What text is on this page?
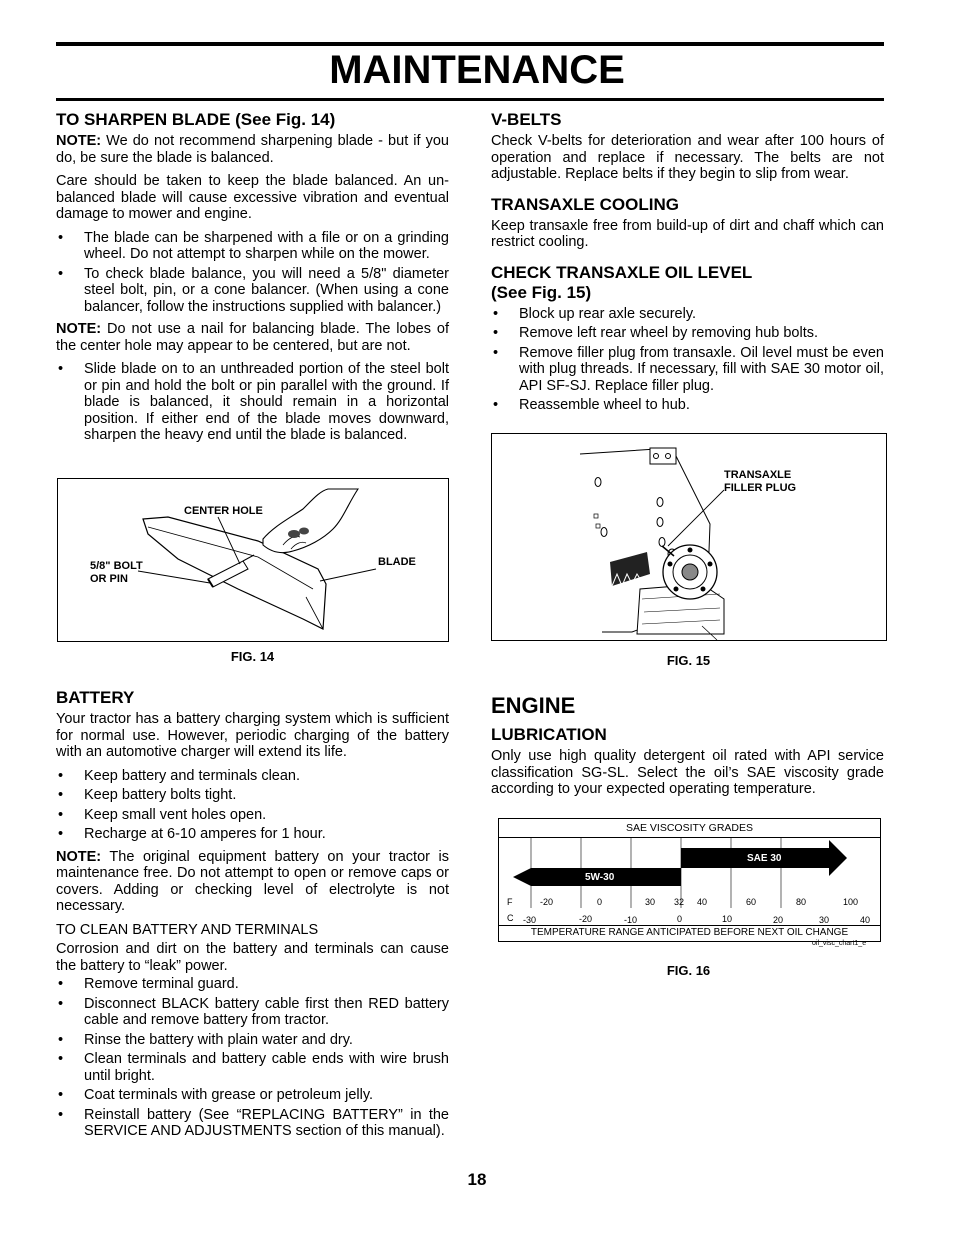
MAINTENANCE
TO SHARPEN BLADE (See Fig. 14)

NOTE: We do not recommend sharpening blade - but if you do, be sure the blade is balanced.

Care should be taken to keep the blade balanced. An un-balanced blade will cause excessive vibration and eventual damage to mower and engine.

• The blade can be sharpened with a file or on a grinding wheel. Do not attempt to sharpen while on the mower.
• To check blade balance, you will need a 5/8" diameter steel bolt, pin, or a cone balancer. (When using a cone balancer, follow the instructions supplied with balancer.)

NOTE: Do not use a nail for balancing blade. The lobes of the center hole may appear to be centered, but are not.

• Slide blade on to an unthreaded portion of the steel bolt or pin and hold the bolt or pin parallel with the ground. If blade is balanced, it should remain in a horizontal position. If either end of the blade moves downward, sharpen the heavy end until the blade is balanced.
CENTER HOLE
5/8" BOLT
OR PIN
BLADE
FIG. 14
BATTERY

Your tractor has a battery charging system which is sufficient for normal use. However, periodic charging of the battery with an automotive charger will extend its life.

• Keep battery and terminals clean.
• Keep battery bolts tight.
• Keep small vent holes open.
• Recharge at 6-10 amperes for 1 hour.

NOTE: The original equipment battery on your tractor is maintenance free. Do not attempt to open or remove caps or covers. Adding or checking level of electrolyte is not necessary.

TO CLEAN BATTERY AND TERMINALS

Corrosion and dirt on the battery and terminals can cause the battery to “leak” power.

• Remove terminal guard.
• Disconnect BLACK battery cable first then RED battery cable and remove battery from tractor.
• Rinse the battery with plain water and dry.
• Clean terminals and battery cable ends with wire brush until bright.
• Coat terminals with grease or petroleum jelly.
• Reinstall battery (See “REPLACING BATTERY” in the SERVICE AND ADJUSTMENTS section of this manual).
V-BELTS

Check V-belts for deterioration and wear after 100 hours of operation and replace if necessary. The belts are not adjustable. Replace belts if they begin to slip from wear.

TRANSAXLE COOLING

Keep transaxle free from build-up of dirt and chaff which can restrict cooling.

CHECK TRANSAXLE OIL LEVEL
(See Fig. 15)
• Block up rear axle securely.
• Remove left rear wheel by removing hub bolts.
• Remove filler plug from transaxle. Oil level must be even with plug threads. If necessary, fill with SAE 30 motor oil, API SF-SJ. Replace filler plug.
• Reassemble wheel to hub.
TRANSAXLE
FILLER PLUG
FIG. 15
ENGINE
LUBRICATION

Only use high quality detergent oil rated with API service classification SG-SL. Select the oil’s SAE viscosity grade according to your expected operating temperature.

SAE VISCOSITY GRADES
SAE 30
5W-30
F
C
-20	0	30 32 40	60	80	100
-30	-20	-10	0	10	20	30	40
TEMPERATURE RANGE ANTICIPATED BEFORE NEXT OIL CHANGE
oil_visc_chart1_e
FIG. 16
18
